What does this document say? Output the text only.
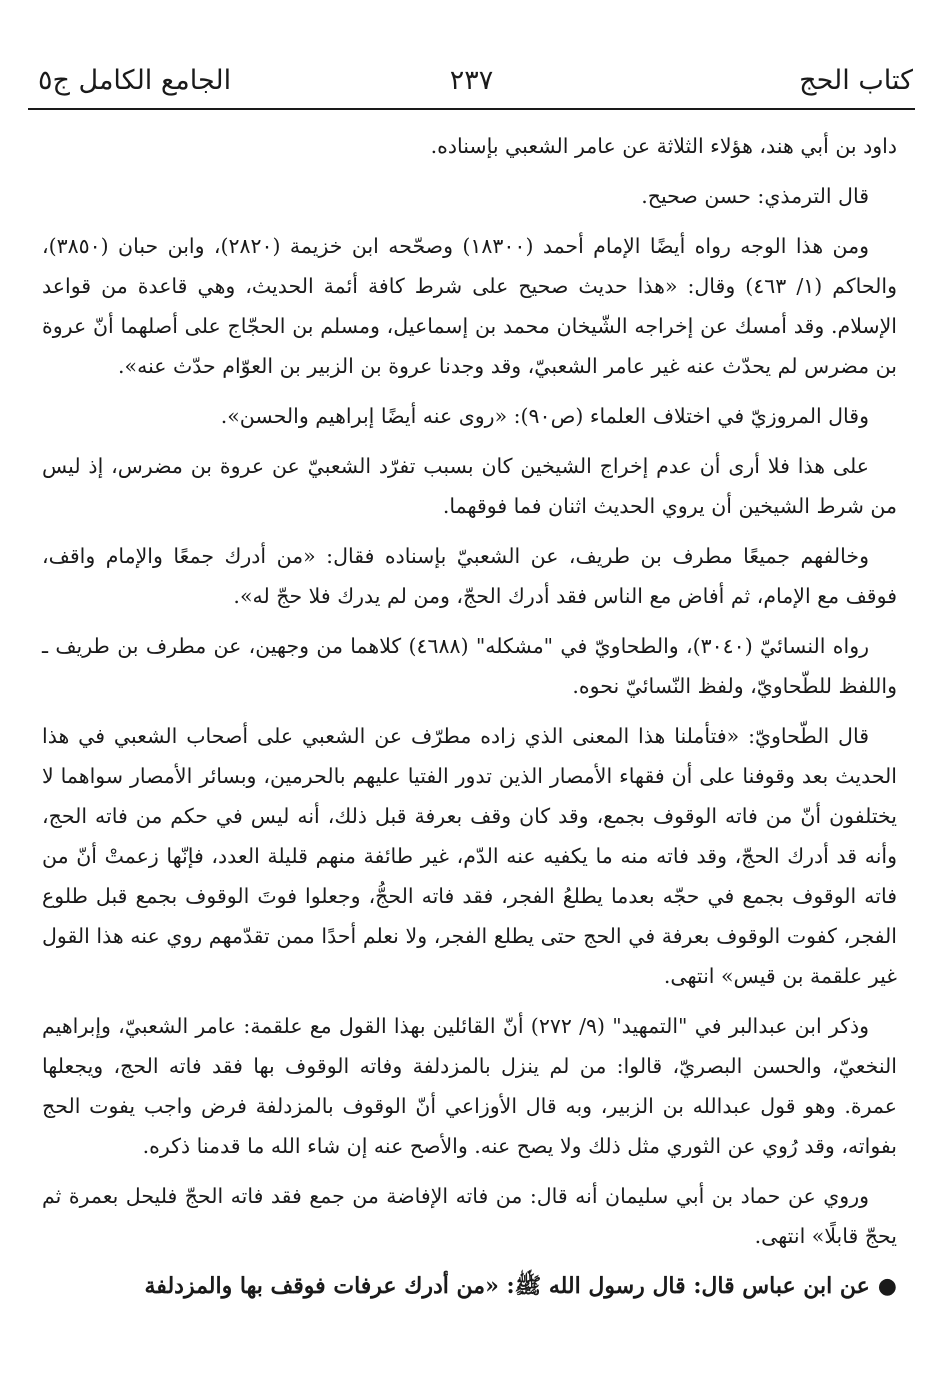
كتاب الحج
٢٣٧
الجامع الكامل ج٥

داود بن أبي هند، هؤلاء الثلاثة عن عامر الشعبي بإسناده.

قال الترمذي: حسن صحيح.

ومن هذا الوجه رواه أيضًا الإمام أحمد (١٨٣٠٠) وصحّحه ابن خزيمة (٢٨٢٠)، وابن حبان (٣٨٥٠)، والحاكم (١/ ٤٦٣) وقال: «هذا حديث صحيح على شرط كافة أئمة الحديث، وهي قاعدة من قواعد الإسلام. وقد أمسك عن إخراجه الشّيخان محمد بن إسماعيل، ومسلم بن الحجّاج على أصلهما أنّ عروة بن مضرس لم يحدّث عنه غير عامر الشعبيّ، وقد وجدنا عروة بن الزبير بن العوّام حدّث عنه».

وقال المروزيّ في اختلاف العلماء (ص٩٠): «روى عنه أيضًا إبراهيم والحسن».

على هذا فلا أرى أن عدم إخراج الشيخين كان بسبب تفرّد الشعبيّ عن عروة بن مضرس، إذ ليس من شرط الشيخين أن يروي الحديث اثنان فما فوقهما.

وخالفهم جميعًا مطرف بن طريف، عن الشعبيّ بإسناده فقال: «من أدرك جمعًا والإمام واقف، فوقف مع الإمام، ثم أفاض مع الناس فقد أدرك الحجّ، ومن لم يدرك فلا حجّ له».

رواه النسائيّ (٣٠٤٠)، والطحاويّ في "مشكله" (٤٦٨٨) كلاهما من وجهين، عن مطرف بن طريف ـ واللفظ للطّحاويّ، ولفظ النّسائيّ نحوه.

قال الطّحاويّ: «فتأملنا هذا المعنى الذي زاده مطرّف عن الشعبي على أصحاب الشعبي في هذا الحديث بعد وقوفنا على أن فقهاء الأمصار الذين تدور الفتيا عليهم بالحرمين، وبسائر الأمصار سواهما لا يختلفون أنّ من فاته الوقوف بجمع، وقد كان وقف بعرفة قبل ذلك، أنه ليس في حكم من فاته الحج، وأنه قد أدرك الحجّ، وقد فاته منه ما يكفيه عنه الدّم، غير طائفة منهم قليلة العدد، فإنّها زعمتْ أنّ من فاته الوقوف بجمع في حجّه بعدما يطلعُ الفجر، فقد فاته الحجُّ، وجعلوا فوتَ الوقوف بجمع قبل طلوع الفجر، كفوت الوقوف بعرفة في الحج حتى يطلع الفجر، ولا نعلم أحدًا ممن تقدّمهم روي عنه هذا القول غير علقمة بن قيس» انتهى.

وذكر ابن عبدالبر في "التمهيد" (٩/ ٢٧٢) أنّ القائلين بهذا القول مع علقمة: عامر الشعبيّ، وإبراهيم النخعيّ، والحسن البصريّ، قالوا: من لم ينزل بالمزدلفة وفاته الوقوف بها فقد فاته الحج، ويجعلها عمرة. وهو قول عبدالله بن الزبير، وبه قال الأوزاعي أنّ الوقوف بالمزدلفة فرض واجب يفوت الحج بفواته، وقد رُوي عن الثوري مثل ذلك ولا يصح عنه. والأصح عنه إن شاء الله ما قدمنا ذكره.

وروي عن حماد بن أبي سليمان أنه قال: من فاته الإفاضة من جمع فقد فاته الحجّ فليحل بعمرة ثم يحجّ قابلًا» انتهى.

●عن ابن عباس قال: قال رسول الله ﷺ: «من أدرك عرفات فوقف بها والمزدلفة
